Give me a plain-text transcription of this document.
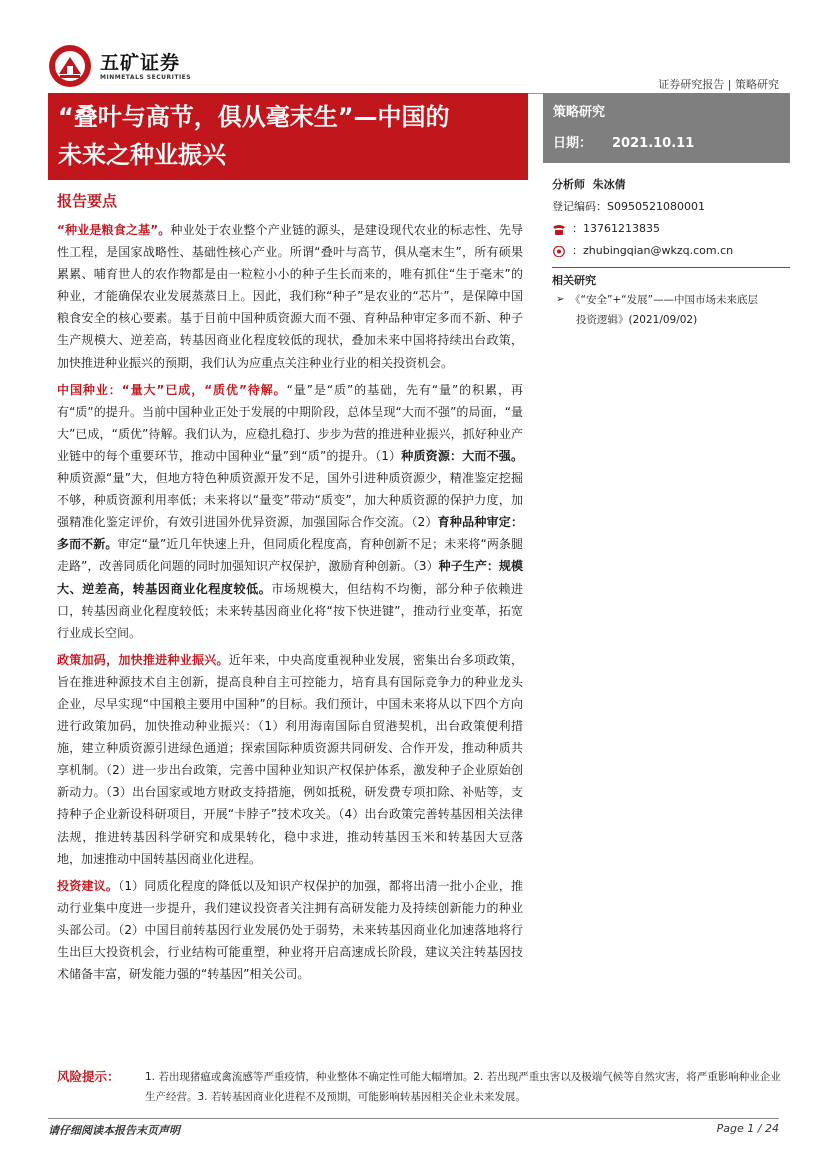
五矿证券
MINMETALS SECURITIES
证券研究报告 | 策略研究
“叠叶与高节，俱从毫末生”—中国的
未来之种业振兴
策略研究
日期： 2021.10.11
报告要点

“种业是粮食之基”。种业处于农业整个产业链的源头，是建设现代农业的标志性、先导性工程，是国家战略性、基础性核心产业。所谓“叠叶与高节，俱从毫末生”，所有硕果累累、哺育世人的农作物都是由一粒粒小小的种子生长而来的，唯有抓住“生于毫末”的种业，才能确保农业发展蒸蒸日上。因此，我们称“种子”是农业的“芯片”，是保障中国粮食安全的核心要素。基于目前中国种质资源大而不强、育种品种审定多而不新、种子生产规模大、逆差高，转基因商业化程度较低的现状，叠加未来中国将持续出台政策，加快推进种业振兴的预期，我们认为应重点关注种业行业的相关投资机会。

中国种业：“量大”已成，“质优”待解。“量”是“质”的基础，先有“量”的积累，再有“质”的提升。当前中国种业正处于发展的中期阶段，总体呈现“大而不强”的局面，“量大”已成，“质优”待解。我们认为，应稳扎稳打、步步为营的推进种业振兴，抓好种业产业链中的每个重要环节，推动中国种业“量”到“质”的提升。（1）种质资源：大而不强。种质资源“量”大，但地方特色种质资源开发不足，国外引进种质资源少，精准鉴定挖掘不够，种质资源利用率低；未来将以“量变”带动“质变”，加大种质资源的保护力度，加强精准化鉴定评价，有效引进国外优异资源，加强国际合作交流。（2）育种品种审定：多而不新。审定“量”近几年快速上升，但同质化程度高，育种创新不足；未来将“两条腿走路”，改善同质化问题的同时加强知识产权保护，激励育种创新。（3）种子生产：规模大、逆差高，转基因商业化程度较低。市场规模大，但结构不均衡，部分种子依赖进口，转基因商业化程度较低；未来转基因商业化将“按下快进键”，推动行业变革，拓宽行业成长空间。

政策加码，加快推进种业振兴。近年来，中央高度重视种业发展，密集出台多项政策，旨在推进种源技术自主创新，提高良种自主可控能力，培育具有国际竞争力的种业龙头企业，尽早实现“中国粮主要用中国种”的目标。我们预计，中国未来将从以下四个方向进行政策加码，加快推动种业振兴：（1）利用海南国际自贸港契机，出台政策便利措施，建立种质资源引进绿色通道；探索国际种质资源共同研发、合作开发，推动种质共享机制。（2）进一步出台政策，完善中国种业知识产权保护体系，激发种子企业原始创新动力。（3）出台国家或地方财政支持措施，例如抵税，研发费专项扣除、补贴等，支持种子企业新设科研项目，开展“卡脖子”技术攻关。（4）出台政策完善转基因相关法律法规，推进转基因科学研究和成果转化，稳中求进，推动转基因玉米和转基因大豆落地，加速推动中国转基因商业化进程。

投资建议。（1）同质化程度的降低以及知识产权保护的加强，都将出清一批小企业，推动行业集中度进一步提升，我们建议投资者关注拥有高研发能力及持续创新能力的种业头部公司。（2）中国目前转基因行业发展仍处于弱势，未来转基因商业化加速落地将行生出巨大投资机会，行业结构可能重塑，种业将开启高速成长阶段，建议关注转基因技术储备丰富，研发能力强的“转基因”相关公司。

分析师
朱冰倩
登记编码： S0950521080001
：13761213835
：zhubingqian@wkzq.com.cn
相关研究
➢ 《“安全”+“发展”——中国市场未来底层
投资逻辑》(2021/09/02)
风险提示： 1. 若出现猪瘟或禽流感等严重疫情，种业整体不确定性可能大幅增加。2. 若出现严重虫害以及极端气候等自然灾害，将严重影响种业企业生产经营。3. 若转基因商业化进程不及预期，可能影响转基因相关企业未来发展。
请仔细阅读本报告末页声明	Page 1 / 24
